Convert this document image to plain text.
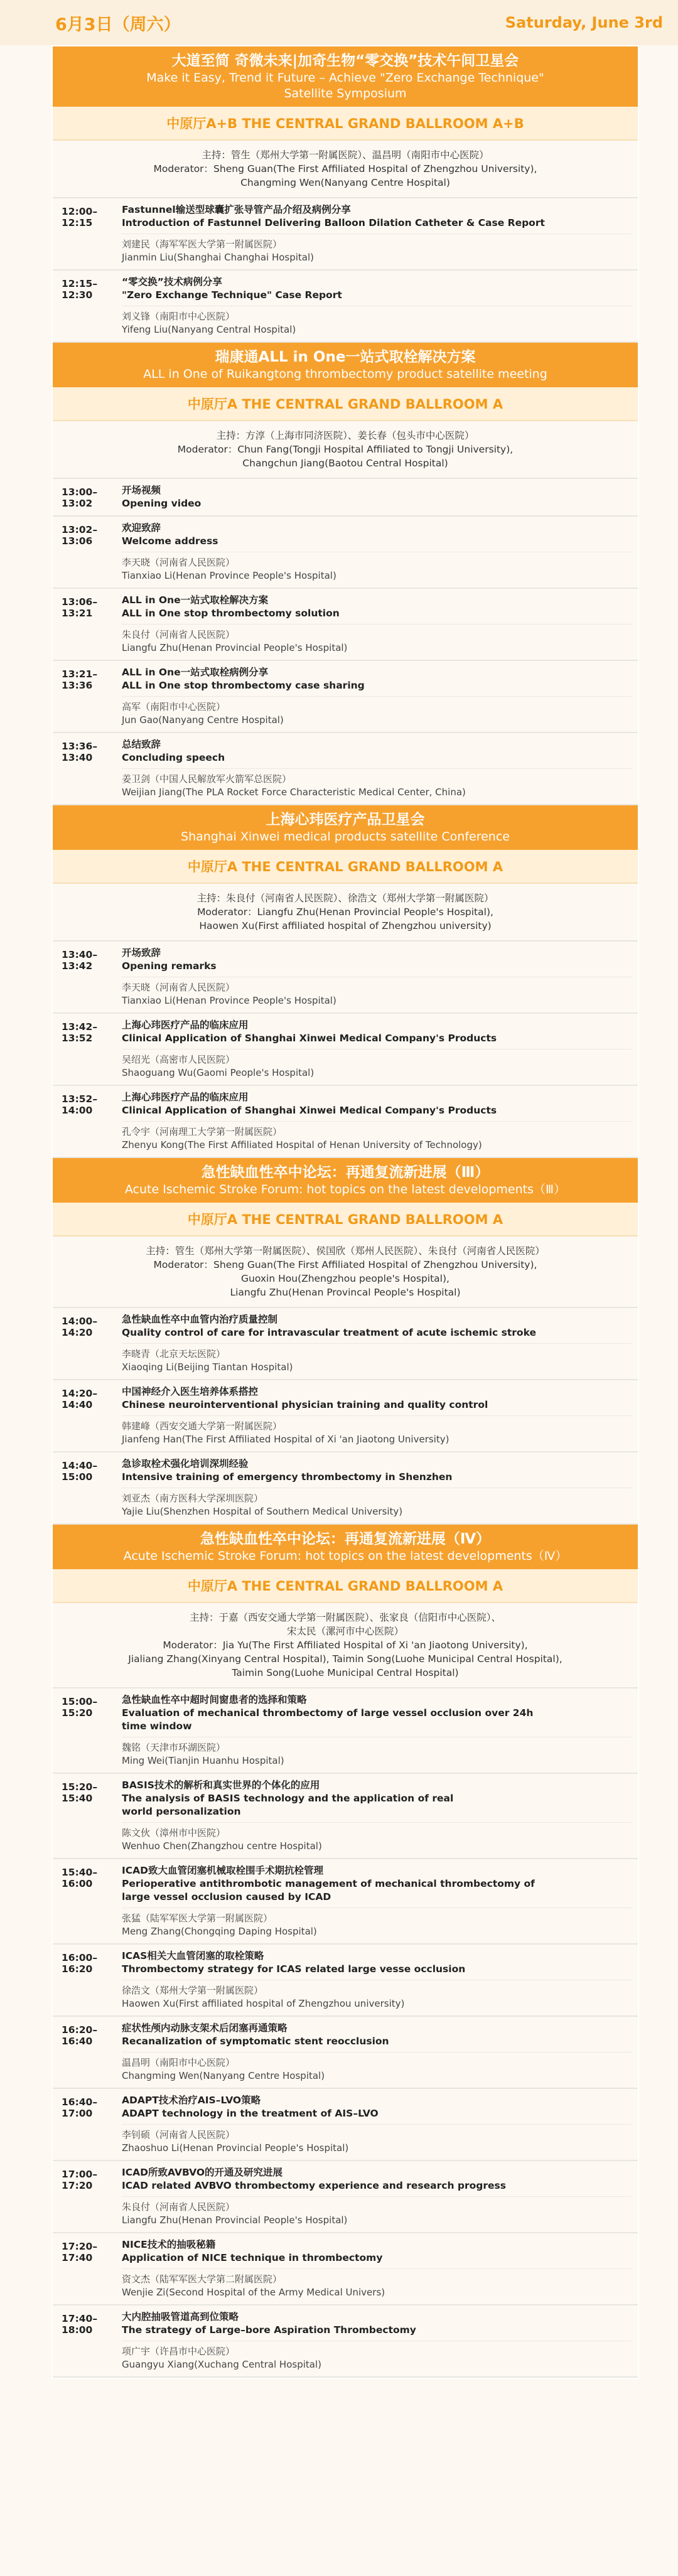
6月3日（周六）	Saturday, June 3rd
大道至简 奇微未来|加奇生物“零交换”技术午间卫星会
Make it Easy, Trend it Future – Achieve "Zero Exchange Technique"
Satellite Symposium
中原厅A+B THE CENTRAL GRAND BALLROOM A+B
主持：管生（郑州大学第一附属医院）、温昌明（南阳市中心医院）
Moderator：Sheng Guan(The First Affiliated Hospital of Zhengzhou University),
Changming Wen(Nanyang Centre Hospital)
12:00–12:15
Fastunnel输送型球囊扩张导管产品介绍及病例分享
Introduction of Fastunnel Delivering Balloon Dilation Catheter & Case Report
刘建民（海军军医大学第一附属医院）
Jianmin Liu(Shanghai Changhai Hospital)
12:15–12:30
“零交换”技术病例分享
"Zero Exchange Technique" Case Report
刘义锋（南阳市中心医院）
Yifeng Liu(Nanyang Central Hospital)
瑞康通ALL in One一站式取栓解决方案
ALL in One of Ruikangtong thrombectomy product satellite meeting
中原厅A THE CENTRAL GRAND BALLROOM A
主持：方淳（上海市同济医院）、姜长春（包头市中心医院）
Moderator：Chun Fang(Tongji Hospital Affiliated to Tongji University),
Changchun Jiang(Baotou Central Hospital)
13:00–13:02
开场视频
Opening video
13:02–13:06
欢迎致辞
Welcome address
李天晓（河南省人民医院）
Tianxiao Li(Henan Province People's Hospital)
13:06–13:21
ALL in One一站式取栓解决方案
ALL in One stop thrombectomy solution
朱良付（河南省人民医院）
Liangfu Zhu(Henan Provincial People's Hospital)
13:21–13:36
ALL in One一站式取栓病例分享
ALL in One stop thrombectomy case sharing
高军（南阳市中心医院）
Jun Gao(Nanyang Centre Hospital)
13:36–13:40
总结致辞
Concluding speech
姜卫剑（中国人民解放军火箭军总医院）
Weijian Jiang(The PLA Rocket Force Characteristic Medical Center, China)
上海心玮医疗产品卫星会
Shanghai Xinwei medical products satellite Conference
中原厅A THE CENTRAL GRAND BALLROOM A
主持：朱良付（河南省人民医院）、徐浩文（郑州大学第一附属医院）
Moderator：Liangfu Zhu(Henan Provincial People's Hospital),
Haowen Xu(First affiliated hospital of Zhengzhou university)
13:40–13:42
开场致辞
Opening remarks
李天晓（河南省人民医院）
Tianxiao Li(Henan Province People's Hospital)
13:42–13:52
上海心玮医疗产品的临床应用
Clinical Application of Shanghai Xinwei Medical Company's Products
吴绍光（高密市人民医院）
Shaoguang Wu(Gaomi People's Hospital)
13:52–14:00
上海心玮医疗产品的临床应用
Clinical Application of Shanghai Xinwei Medical Company's Products
孔令宇（河南理工大学第一附属医院）
Zhenyu Kong(The First Affiliated Hospital of Henan University of Technology)
急性缺血性卒中论坛：再通复流新进展（Ⅲ）
Acute Ischemic Stroke Forum: hot topics on the latest developments（Ⅲ）
中原厅A THE CENTRAL GRAND BALLROOM A
主持：管生（郑州大学第一附属医院）、侯国欣（郑州人民医院）、朱良付（河南省人民医院）
Moderator：Sheng Guan(The First Affiliated Hospital of Zhengzhou University),
Guoxin Hou(Zhengzhou people's Hospital),
Liangfu Zhu(Henan Provincal People's Hospital)
14:00–14:20
急性缺血性卒中血管内治疗质量控制
Quality control of care for intravascular treatment of acute ischemic stroke
李晓青（北京天坛医院）
Xiaoqing Li(Beijing Tiantan Hospital)
14:20–14:40
中国神经介入医生培养体系搭控
Chinese neurointerventional physician training and quality control
韩建峰（西安交通大学第一附属医院）
Jianfeng Han(The First Affiliated Hospital of Xi 'an Jiaotong University)
14:40–15:00
急诊取栓术强化培训深圳经验
Intensive training of emergency thrombectomy in Shenzhen
刘亚杰（南方医科大学深圳医院）
Yajie Liu(Shenzhen Hospital of Southern Medical University)
急性缺血性卒中论坛：再通复流新进展（Ⅳ）
Acute Ischemic Stroke Forum: hot topics on the latest developments（Ⅳ）
中原厅A THE CENTRAL GRAND BALLROOM A
主持：于嘉（西安交通大学第一附属医院）、张家良（信阳市中心医院）、
宋太民（漯河市中心医院）
Moderator：Jia Yu(The First Affiliated Hospital of Xi 'an Jiaotong University),
Jialiang Zhang(Xinyang Central Hospital), Taimin Song(Luohe Municipal Central Hospital),
Taimin Song(Luohe Municipal Central Hospital)
15:00–15:20
急性缺血性卒中超时间窗患者的选择和策略
Evaluation of mechanical thrombectomy of large vessel occlusion over 24h
time window
魏铭（天津市环湖医院）
Ming Wei(Tianjin Huanhu Hospital)
15:20–15:40
BASIS技术的解析和真实世界的个体化的应用
The analysis of BASIS technology and the application of real
world personalization
陈文伙（漳州市中医院）
Wenhuo Chen(Zhangzhou centre Hospital)
15:40–16:00
ICAD致大血管闭塞机械取栓围手术期抗栓管理
Perioperative antithrombotic management of mechanical thrombectomy of
large vessel occlusion caused by ICAD
张猛（陆军军医大学第一附属医院）
Meng Zhang(Chongqing Daping Hospital)
16:00–16:20
ICAS相关大血管闭塞的取栓策略
Thrombectomy strategy for ICAS related large vesse occlusion
徐浩文（郑州大学第一附属医院）
Haowen Xu(First affiliated hospital of Zhengzhou university)
16:20–16:40
症状性颅内动脉支架术后闭塞再通策略
Recanalization of symptomatic stent reocclusion
温昌明（南阳市中心医院）
Changming Wen(Nanyang Centre Hospital)
16:40–17:00
ADAPT技术治疗AIS–LVO策略
ADAPT technology in the treatment of AIS–LVO
李钊硕（河南省人民医院）
Zhaoshuo Li(Henan Provincial People's Hospital)
17:00–17:20
ICAD所致AVBVO的开通及研究进展
ICAD related AVBVO thrombectomy experience and research progress
朱良付（河南省人民医院）
Liangfu Zhu(Henan Provincial People's Hospital)
17:20–17:40
NICE技术的抽吸秘籍
Application of NICE technique in thrombectomy
资文杰（陆军军医大学第二附属医院）
Wenjie Zi(Second Hospital of the Army Medical Univers)
17:40–18:00
大内腔抽吸管道高到位策略
The strategy of Large–bore Aspiration Thrombectomy
项广宇（许昌市中心医院）
Guangyu Xiang(Xuchang Central Hospital)
